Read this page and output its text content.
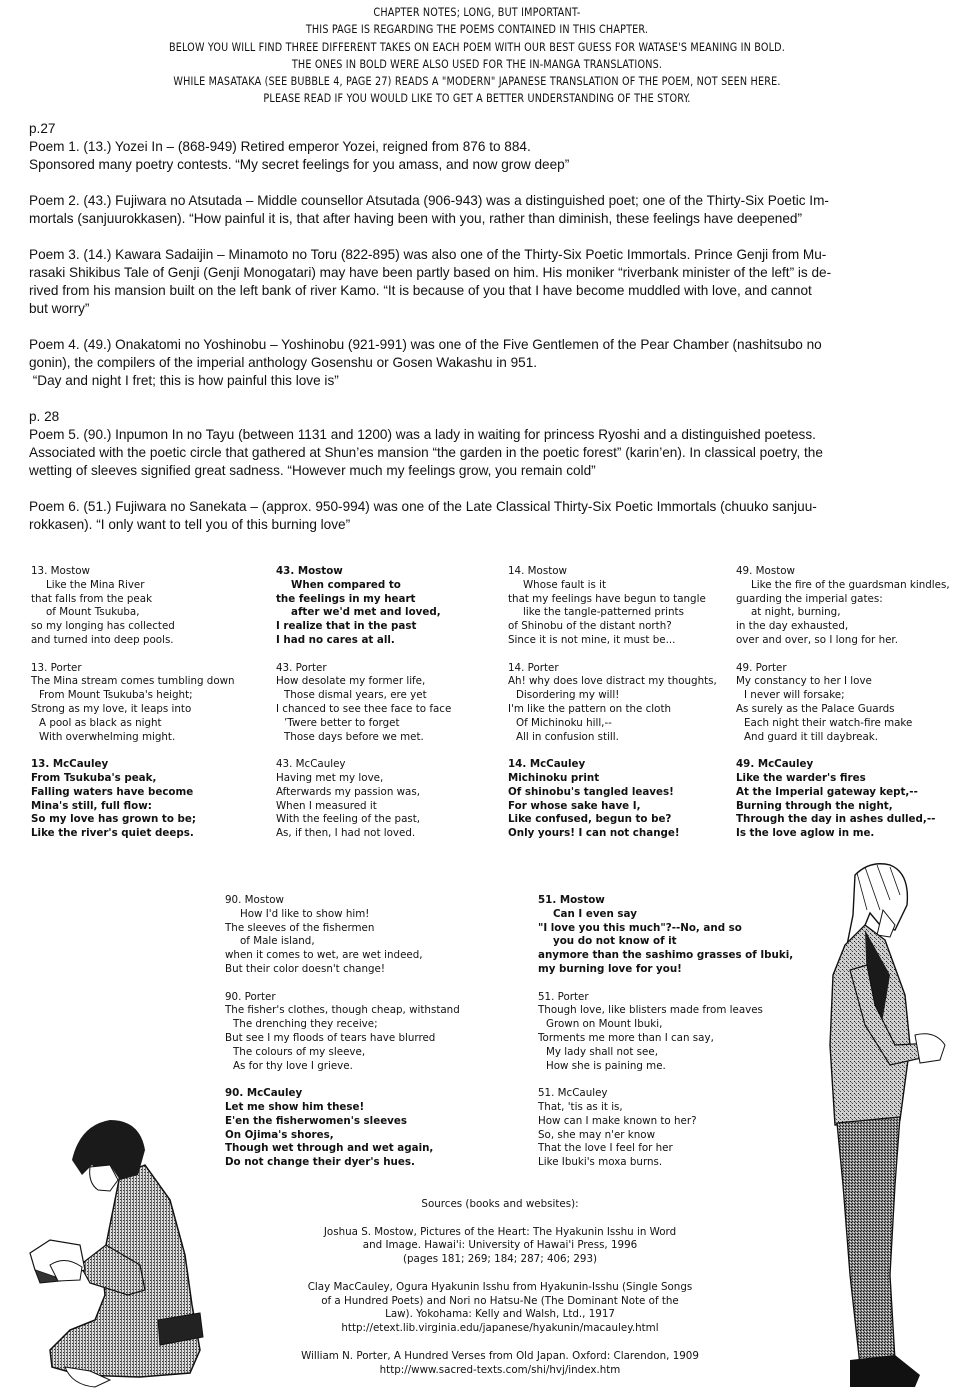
CHAPTER NOTES; LONG, BUT IMPORTANT-
THIS PAGE IS REGARDING THE POEMS CONTAINED IN THIS CHAPTER.
BELOW YOU WILL FIND THREE DIFFERENT TAKES ON EACH POEM WITH OUR BEST GUESS FOR WATASE'S MEANING IN BOLD.
THE ONES IN BOLD WERE ALSO USED FOR THE IN-MANGA TRANSLATIONS.
WHILE MASATAKA (SEE BUBBLE 4, PAGE 27) READS A "MODERN" JAPANESE TRANSLATION OF THE POEM, NOT SEEN HERE.
PLEASE READ IF YOU WOULD LIKE TO GET A BETTER UNDERSTANDING OF THE STORY.
p.27
Poem 1. (13.) Yozei In – (868-949) Retired emperor Yozei, reigned from 876 to 884.
Sponsored many poetry contests. “My secret feelings for you amass, and now grow deep”
Poem 2. (43.) Fujiwara no Atsutada – Middle counsellor Atsutada (906-943) was a distinguished poet; one of the Thirty-Six Poetic Im-
mortals (sanjuurokkasen). “How painful it is, that after having been with you, rather than diminish, these feelings have deepened”
Poem 3. (14.) Kawara Sadaijin – Minamoto no Toru (822-895) was also one of the Thirty-Six Poetic Immortals. Prince Genji from Mu-
rasaki Shikibus Tale of Genji (Genji Monogatari) may have been partly based on him. His moniker “riverbank minister of the left” is de-
rived from his mansion built on the left bank of river Kamo. “It is because of you that I have become muddled with love, and cannot
but worry”
Poem 4. (49.) Onakatomi no Yoshinobu – Yoshinobu (921-991) was one of the Five Gentlemen of the Pear Chamber (nashitsubo no
gonin), the compilers of the imperial anthology Gosenshu or Gosen Wakashu in 951.
“Day and night I fret; this is how painful this love is”
p. 28
Poem 5. (90.) Inpumon In no Tayu (between 1131 and 1200) was a lady in waiting for princess Ryoshi and a distinguished poetess.
Associated with the poetic circle that gathered at Shun’es mansion “the garden in the poetic forest” (karin’en). In classical poetry, the
wetting of sleeves signified great sadness. “However much my feelings grow, you remain cold”
Poem 6. (51.) Fujiwara no Sanekata – (approx. 950-994) was one of the Late Classical Thirty-Six Poetic Immortals (chuuko sanjuu-
rokkasen). “I only want to tell you of this burning love”
13. Mostow
Like the Mina River
that falls from the peak
of Mount Tsukuba,
so my longing has collected
and turned into deep pools.
13. Porter
The Mina stream comes tumbling down
From Mount Tsukuba's height;
Strong as my love, it leaps into
A pool as black as night
With overwhelming might.
13. McCauley
From Tsukuba's peak,
Falling waters have become
Mina's still, full flow:
So my love has grown to be;
Like the river's quiet deeps.
43. Mostow
When compared to
the feelings in my heart
after we'd met and loved,
I realize that in the past
I had no cares at all.
43. Porter
How desolate my former life,
Those dismal years, ere yet
I chanced to see thee face to face
’Twere better to forget
Those days before we met.
43. McCauley
Having met my love,
Afterwards my passion was,
When I measured it
With the feeling of the past,
As, if then, I had not loved.
14. Mostow
Whose fault is it
that my feelings have begun to tangle
like the tangle-patterned prints
of Shinobu of the distant north?
Since it is not mine, it must be...
14. Porter
Ah! why does love distract my thoughts,
Disordering my will!
I'm like the pattern on the cloth
Of Michinoku hill,--
All in confusion still.
14. McCauley
Michinoku print
Of shinobu's tangled leaves!
For whose sake have I,
Like confused, begun to be?
Only yours! I can not change!
49. Mostow
Like the fire of the guardsman kindles,
guarding the imperial gates:
at night, burning,
in the day exhausted,
over and over, so I long for her.
49. Porter
My constancy to her I love
I never will forsake;
As surely as the Palace Guards
Each night their watch-fire make
And guard it till daybreak.
49. McCauley
Like the warder's fires
At the Imperial gateway kept,--
Burning through the night,
Through the day in ashes dulled,--
Is the love aglow in me.
90. Mostow
How I'd like to show him!
The sleeves of the fishermen
of Male island,
when it comes to wet, are wet indeed,
But their color doesn't change!
90. Porter
The fisher's clothes, though cheap, withstand
The drenching they receive;
But see I my floods of tears have blurred
The colours of my sleeve,
As for thy love I grieve.
90. McCauley
Let me show him these!
E'en the fisherwomen's sleeves
On Ojima's shores,
Though wet through and wet again,
Do not change their dyer's hues.
51. Mostow
Can I even say
"I love you this much"?--No, and so
you do not know of it
anymore than the sashimo grasses of Ibuki,
my burning love for you!
51. Porter
Though love, like blisters made from leaves
Grown on Mount Ibuki,
Torments me more than I can say,
My lady shall not see,
How she is paining me.
51. McCauley
That, 'tis as it is,
How can I make known to her?
So, she may n'er know
That the love I feel for her
Like Ibuki's moxa burns.
Sources (books and websites):
Joshua S. Mostow, Pictures of the Heart: The Hyakunin Isshu in Word
and Image. Hawai'i: University of Hawai'i Press, 1996
(pages 181; 269; 184; 287; 406; 293)
Clay MacCauley, Ogura Hyakunin Isshu from Hyakunin-Isshu (Single Songs
of a Hundred Poets) and Nori no Hatsu-Ne (The Dominant Note of the
Law). Yokohama: Kelly and Walsh, Ltd., 1917
http://etext.lib.virginia.edu/japanese/hyakunin/macauley.html
William N. Porter, A Hundred Verses from Old Japan. Oxford: Clarendon, 1909
http://www.sacred-texts.com/shi/hvj/index.htm
